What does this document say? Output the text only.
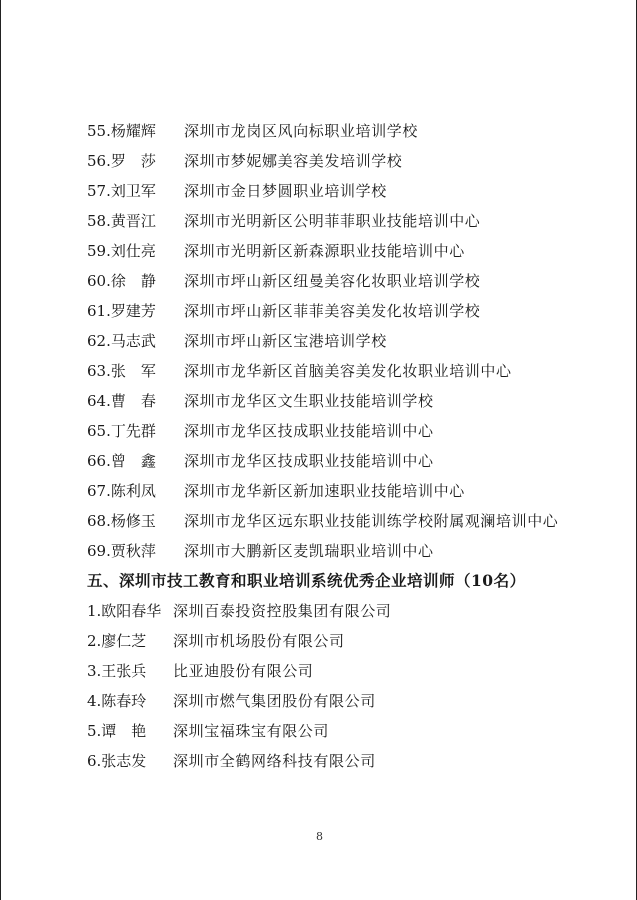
55.杨耀辉	深圳市龙岗区风向标职业培训学校
56.罗　莎	深圳市梦妮娜美容美发培训学校
57.刘卫军	深圳市金日梦圆职业培训学校
58.黄晋江	深圳市光明新区公明菲菲职业技能培训中心
59.刘仕亮	深圳市光明新区新森源职业技能培训中心
60.徐　静	深圳市坪山新区纽曼美容化妆职业培训学校
61.罗建芳	深圳市坪山新区菲菲美容美发化妆培训学校
62.马志武	深圳市坪山新区宝港培训学校
63.张　军	深圳市龙华新区首脑美容美发化妆职业培训中心
64.曹　春	深圳市龙华区文生职业技能培训学校
65.丁先群	深圳市龙华区技成职业技能培训中心
66.曾　鑫	深圳市龙华区技成职业技能培训中心
67.陈利凤	深圳市龙华新区新加速职业技能培训中心
68.杨修玉	深圳市龙华区远东职业技能训练学校附属观澜培训中心
69.贾秋萍	深圳市大鹏新区麦凯瑞职业培训中心
五、深圳市技工教育和职业培训系统优秀企业培训师（10名）
1.欧阳春华 深圳百泰投资控股集团有限公司
2.廖仁芝	深圳市机场股份有限公司
3.王张兵	比亚迪股份有限公司
4.陈春玲	深圳市燃气集团股份有限公司
5.谭　艳	深圳宝福珠宝有限公司
6.张志发	深圳市全鹤网络科技有限公司
8
